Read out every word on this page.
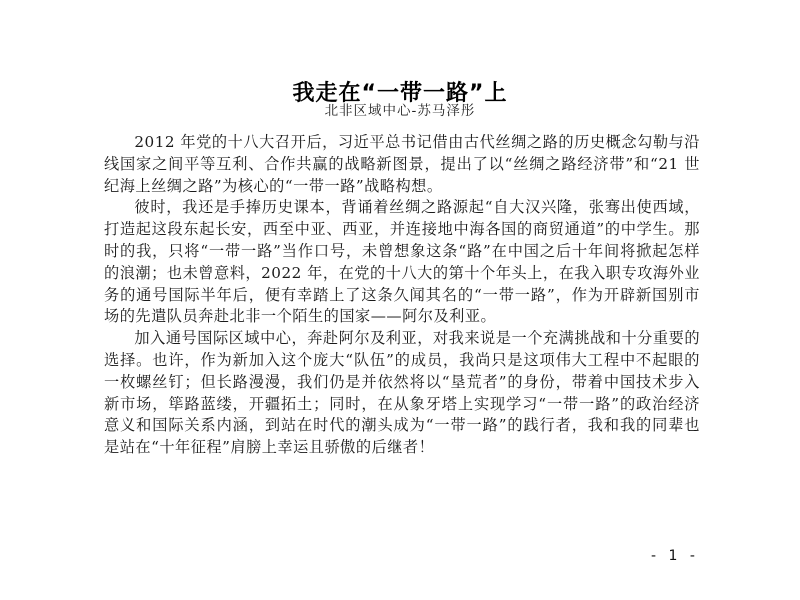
我走在“一带一路”上
北非区域中心-苏马泽彤

2012 年党的十八大召开后，习近平总书记借由古代丝绸之路的历史概念勾勒与沿线国家之间平等互利、合作共赢的战略新图景，提出了以“丝绸之路经济带”和“21 世纪海上丝绸之路”为核心的“一带一路”战略构想。

彼时，我还是手捧历史课本，背诵着丝绸之路源起“自大汉兴隆，张骞出使西域，打造起这段东起长安，西至中亚、西亚，并连接地中海各国的商贸通道”的中学生。那时的我，只将“一带一路”当作口号，未曾想象这条“路”在中国之后十年间将掀起怎样的浪潮；也未曾意料，2022 年，在党的十八大的第十个年头上，在我入职专攻海外业务的通号国际半年后，便有幸踏上了这条久闻其名的“一带一路”，作为开辟新国别市场的先遣队员奔赴北非一个陌生的国家——阿尔及利亚。

加入通号国际区域中心，奔赴阿尔及利亚，对我来说是一个充满挑战和十分重要的选择。也许，作为新加入这个庞大“队伍”的成员，我尚只是这项伟大工程中不起眼的一枚螺丝钉；但长路漫漫，我们仍是并依然将以“垦荒者”的身份，带着中国技术步入新市场，筚路蓝缕，开疆拓土；同时，在从象牙塔上实现学习“一带一路”的政治经济意义和国际关系内涵，到站在时代的潮头成为“一带一路”的践行者，我和我的同辈也是站在“十年征程”肩膀上幸运且骄傲的后继者！

- 1 -
